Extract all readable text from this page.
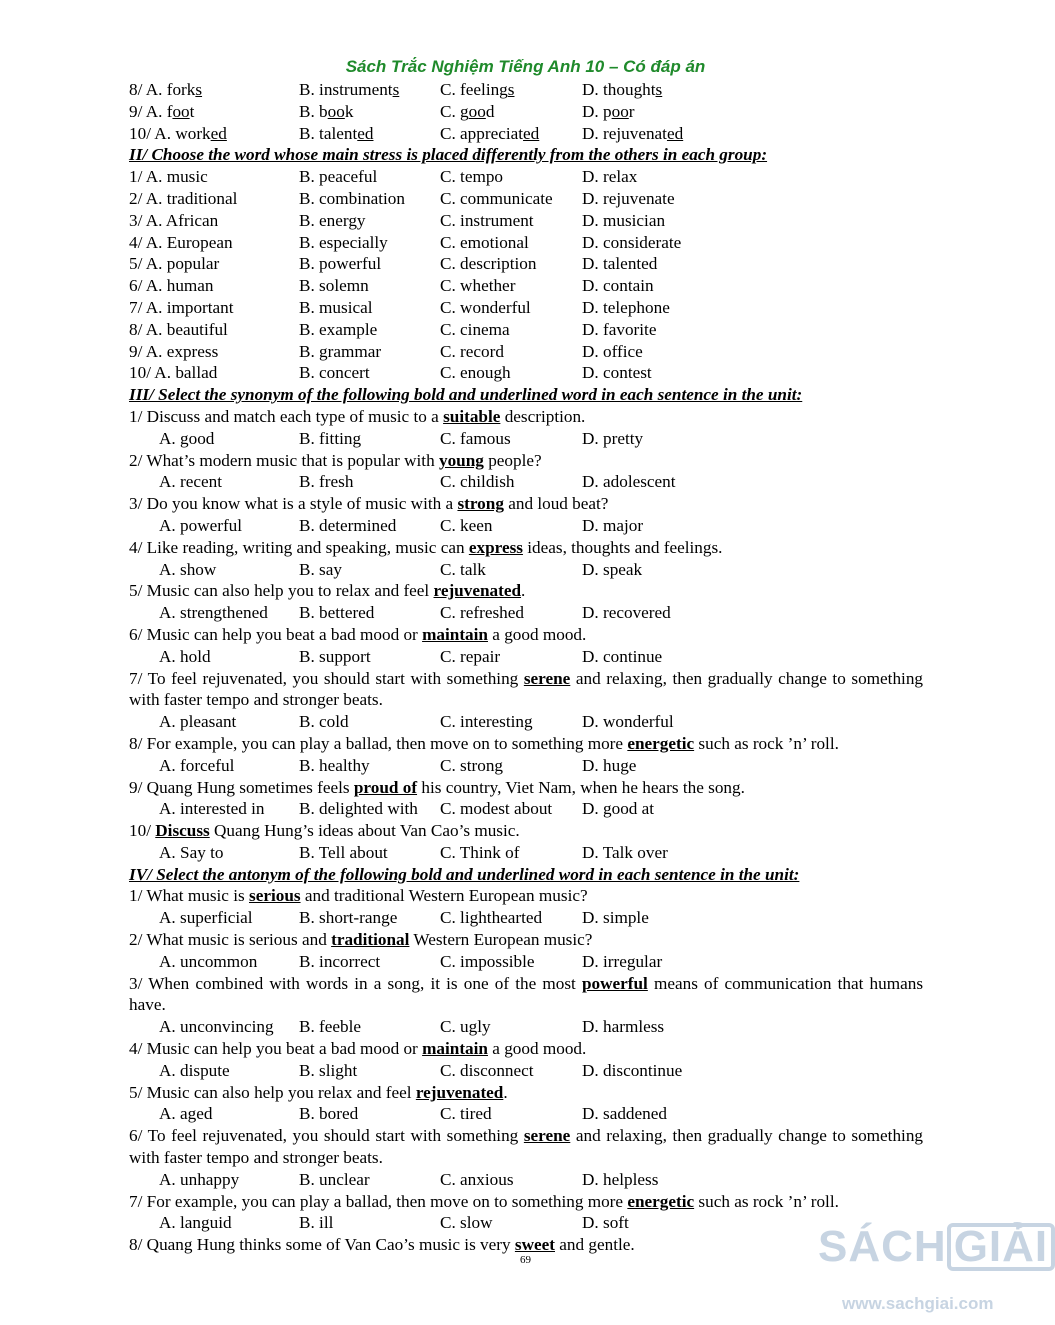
Sách Trắc Nghiệm Tiếng Anh 10 – Có đáp án
8/ A. forks	B. instruments C. feelings	D. thoughts
9/ A. foot	B. book	C. good	D. poor
10/ A. worked	B. talented	C. appreciated D. rejuvenated
II/ Choose the word whose main stress is placed differently from the others in each group:
1/ A. music	B. peaceful	C. tempo	D. relax
2/ A. traditional	B. combination C. communicate D. rejuvenate
3/ A. African	B. energy	C. instrument	D. musician
4/ A. European	B. especially	C. emotional	D. considerate
5/ A. popular	B. powerful	C. description	D. talented
6/ A. human	B. solemn	C. whether	D. contain
7/ A. important	B. musical	C. wonderful	D. telephone
8/ A. beautiful	B. example	C. cinema	D. favorite
9/ A. express	B. grammar	C. record	D. office
10/ A. ballad	B. concert	C. enough	D. contest
III/ Select the synonym of the following bold and underlined word in each sentence in the unit:
1/ Discuss and match each type of music to a suitable description.
A. good	B. fitting	C. famous	D. pretty
2/ What’s modern music that is popular with young people?
A. recent	B. fresh	C. childish	D. adolescent
3/ Do you know what is a style of music with a strong and loud beat?
A. powerful	B. determined	C. keen	D. major
4/ Like reading, writing and speaking, music can express ideas, thoughts and feelings.
A. show	B. say	C. talk	D. speak
5/ Music can also help you to relax and feel rejuvenated.
A. strengthened B. bettered	C. refreshed	D. recovered
6/ Music can help you beat a bad mood or maintain a good mood.
A. hold	B. support	C. repair	D. continue
7/ To feel rejuvenated, you should start with something serene and relaxing, then gradually change to something with faster tempo and stronger beats.
A. pleasant	B. cold	C. interesting	D. wonderful
8/ For example, you can play a ballad, then move on to something more energetic such as rock ’n’ roll.
A. forceful	B. healthy	C. strong	D. huge
9/ Quang Hung sometimes feels proud of his country, Viet Nam, when he hears the song.
A. interested in B. delighted with C. modest about D. good at
10/ Discuss Quang Hung’s ideas about Van Cao’s music.
A. Say to	B. Tell about	C. Think of	D. Talk over
IV/ Select the antonym of the following bold and underlined word in each sentence in the unit:
1/ What music is serious and traditional Western European music?
A. superficial	B. short-range C. lighthearted D. simple
2/ What music is serious and traditional Western European music?
A. uncommon B. incorrect	C. impossible	D. irregular
3/ When combined with words in a song, it is one of the most powerful means of communication that humans have.
A. unconvincing B. feeble	C. ugly	D. harmless
4/ Music can help you beat a bad mood or maintain a good mood.
A. dispute	B. slight	C. disconnect	D. discontinue
5/ Music can also help you relax and feel rejuvenated.
A. aged	B. bored	C. tired	D. saddened
6/ To feel rejuvenated, you should start with something serene and relaxing, then gradually change to something with faster tempo and stronger beats.
A. unhappy	B. unclear	C. anxious	D. helpless
7/ For example, you can play a ballad, then move on to something more energetic such as rock ’n’ roll.
A. languid	B. ill	C. slow	D. soft
8/ Quang Hung thinks some of Van Cao’s music is very sweet and gentle.
69	SÁCH GIẢI
www.sachgiai.com
